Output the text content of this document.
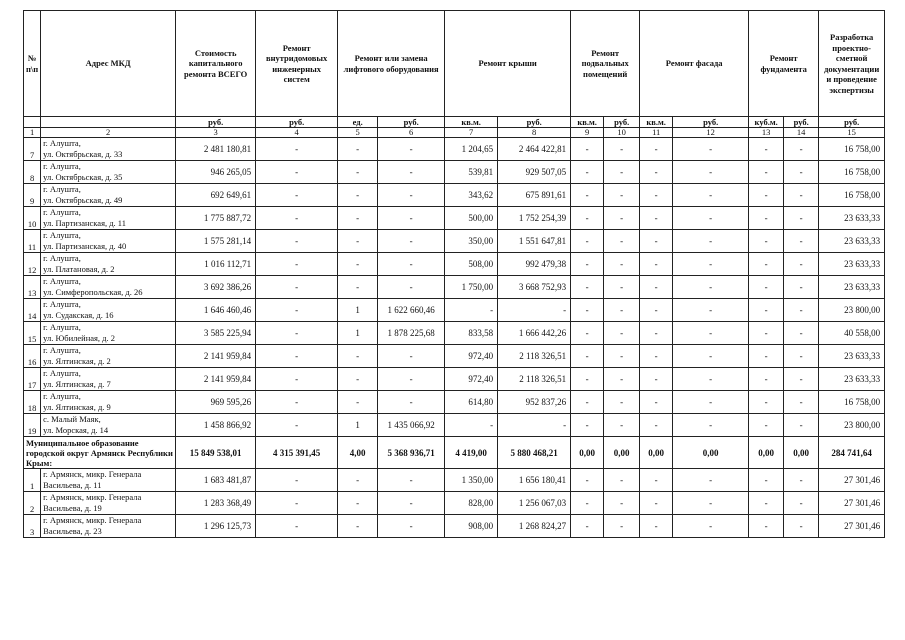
№ п\п	Адрес МКД	Стоимость капитального ремонта ВСЕГО	Ремонт внутридомовых инженерных систем	Ремонт или замена лифтового оборудования		Ремонт крыши		Ремонт подвальных помещений		Ремонт фасада		Ремонт фундамента		Разработка проектно-сметной документации и проведение экспертизы
		руб.	руб.	ед.	руб.	кв.м.	руб.	кв.м.	руб.	кв.м.	руб.	куб.м.	руб.	руб.
1	2	3	4	5	6	7	8	9	10	11	12	13	14	15
7	г. Алушта,
ул. Октябрьская, д. 33	2 481 180,81	-	-	-	1 204,65	2 464 422,81	-	-	-	-	-	-	16 758,00
8	г. Алушта,
ул. Октябрьская, д. 35	946 265,05	-	-	-	539,81	929 507,05	-	-	-	-	-	-	16 758,00
9	г. Алушта,
ул. Октябрьская, д. 49	692 649,61	-	-	-	343,62	675 891,61	-	-	-	-	-	-	16 758,00
10	г. Алушта,
ул. Партизанская, д. 11	1 775 887,72	-	-	-	500,00	1 752 254,39	-	-	-	-	-	-	23 633,33
11	г. Алушта,
ул. Партизанская, д. 40	1 575 281,14	-	-	-	350,00	1 551 647,81	-	-	-	-	-	-	23 633,33
12	г. Алушта,
ул. Платановая, д. 2	1 016 112,71	-	-	-	508,00	992 479,38	-	-	-	-	-	-	23 633,33
13	г. Алушта,
ул. Симферопольская, д. 26	3 692 386,26	-	-	-	1 750,00	3 668 752,93	-	-	-	-	-	-	23 633,33
14	г. Алушта,
ул. Судакская, д. 16	1 646 460,46	-	1	1 622 660,46	-	-	-	-	-	-	-	-	23 800,00
15	г. Алушта,
ул. Юбилейная, д. 2	3 585 225,94	-	1	1 878 225,68	833,58	1 666 442,26	-	-	-	-	-	-	40 558,00
16	г. Алушта,
ул. Ялтинская, д. 2	2 141 959,84	-	-	-	972,40	2 118 326,51	-	-	-	-	-	-	23 633,33
17	г. Алушта,
ул. Ялтинская, д. 7	2 141 959,84	-	-	-	972,40	2 118 326,51	-	-	-	-	-	-	23 633,33
18	г. Алушта,
ул. Ялтинская, д. 9	969 595,26	-	-	-	614,80	952 837,26	-	-	-	-	-	-	16 758,00
19	с. Малый Маяк,
ул. Морская, д. 14	1 458 866,92	-	1	1 435 066,92	-	-	-	-	-	-	-	-	23 800,00
Муниципальное образование городской округ Армянск Республики Крым:		15 849 538,01	4 315 391,45	4,00	5 368 936,71	4 419,00	5 880 468,21	0,00	0,00	0,00	0,00	0,00	0,00	284 741,64
1	г. Армянск, микр. Генерала
Васильева, д. 11	1 683 481,87	-	-	-	1 350,00	1 656 180,41	-	-	-	-	-	-	27 301,46
2	г. Армянск, микр. Генерала
Васильева, д. 19	1 283 368,49	-	-	-	828,00	1 256 067,03	-	-	-	-	-	-	27 301,46
3	г. Армянск, микр. Генерала
Васильева, д. 23	1 296 125,73	-	-	-	908,00	1 268 824,27	-	-	-	-	-	-	27 301,46
